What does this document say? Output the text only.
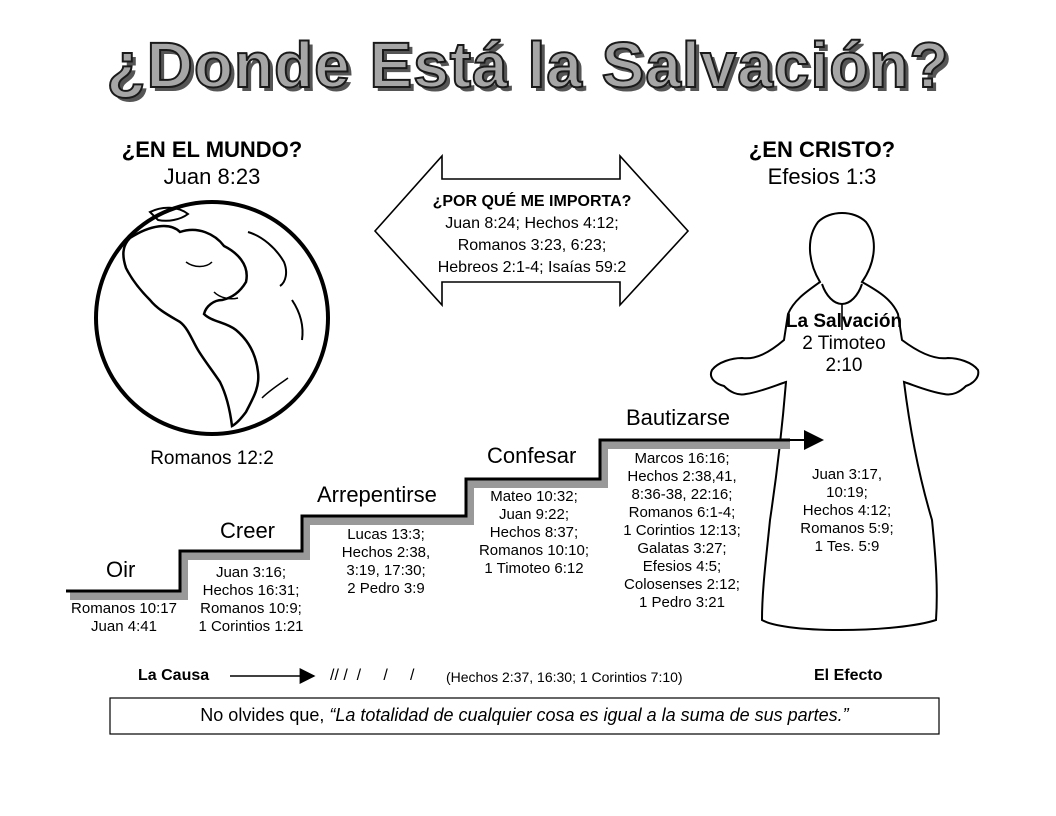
¿Donde Está la Salvación?
¿EN EL MUNDO?
Juan 8:23
Romanos 12:2
¿EN CRISTO?
Efesios 1:3
¿POR QUÉ ME IMPORTA?
Juan 8:24; Hechos 4:12;
Romanos 3:23, 6:23;
Hebreos 2:1-4; Isaías 59:2
La Salvación
2 Timoteo
2:10
Juan 3:17,
10:19;
Hechos 4:12;
Romanos 5:9;
1 Tes. 5:9
Oir
Creer
Arrepentirse
Confesar
Bautizarse
Romanos 10:17
Juan 4:41
Juan 3:16;
Hechos 16:31;
Romanos 10:9;
1 Corintios 1:21
Lucas 13:3;
Hechos 2:38,
3:19, 17:30;
2 Pedro 3:9
Mateo 10:32;
Juan 9:22;
Hechos 8:37;
Romanos 10:10;
1 Timoteo 6:12
Marcos 16:16;
Hechos 2:38,41,
8:36-38, 22:16;
Romanos 6:1-4;
1 Corintios 12:13;
Galatas 3:27;
Efesios 4:5;
Colosenses 2:12;
1 Pedro 3:21
La Causa	// /  /     /     / (Hechos 2:37, 16:30; 1 Corintios 7:10)	El Efecto
No olvides que, “La totalidad de cualquier cosa es igual a la suma de sus partes.”
